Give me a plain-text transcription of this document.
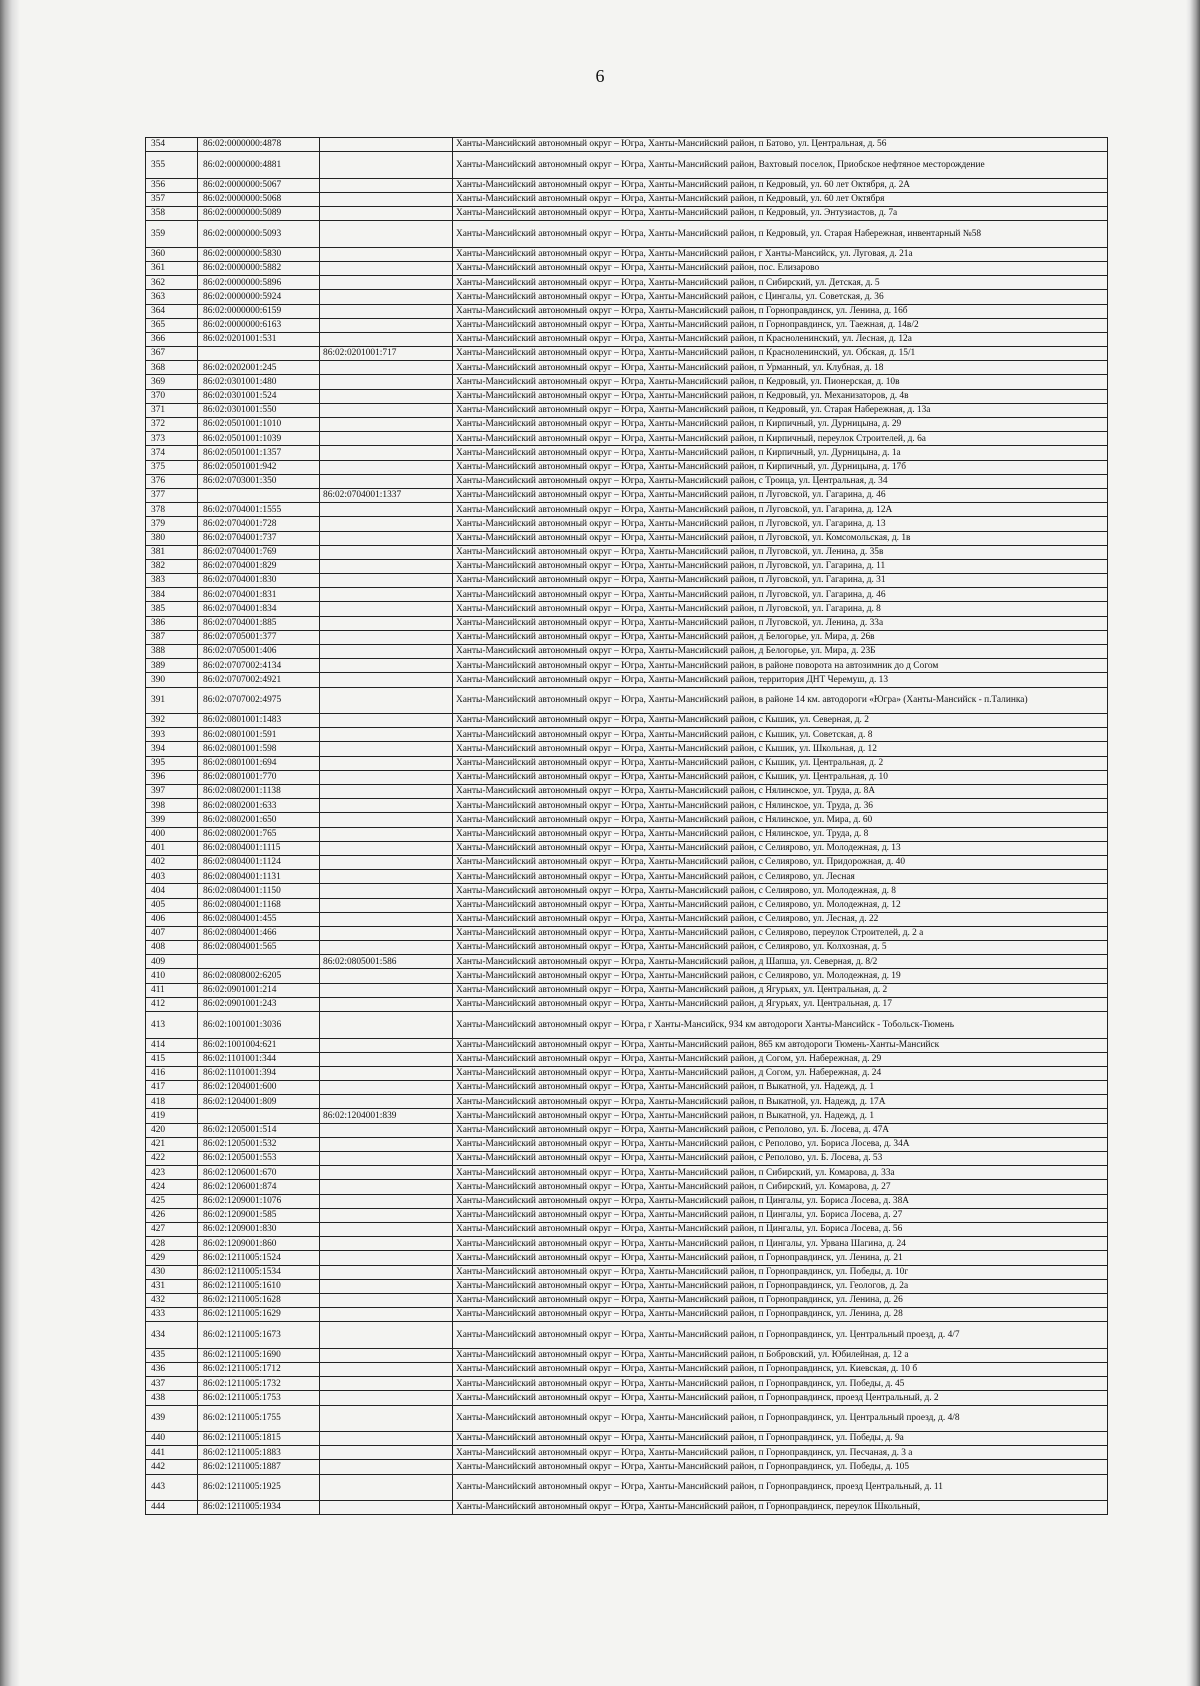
6
354	86:02:0000000:4878		Ханты-Мансийский автономный округ – Югра, Ханты-Мансийский район, п Батово, ул. Центральная, д. 56
355	86:02:0000000:4881		Ханты-Мансийский автономный округ – Югра, Ханты-Мансийский район, Вахтовый поселок, Приобское нефтяное месторождение
356	86:02:0000000:5067		Ханты-Мансийский автономный округ – Югра, Ханты-Мансийский район, п Кедровый, ул. 60 лет Октября, д. 2А
357	86:02:0000000:5068		Ханты-Мансийский автономный округ – Югра, Ханты-Мансийский район, п Кедровый, ул. 60 лет Октября
358	86:02:0000000:5089		Ханты-Мансийский автономный округ – Югра, Ханты-Мансийский район, п Кедровый, ул. Энтузиастов, д. 7а
359	86:02:0000000:5093		Ханты-Мансийский автономный округ – Югра, Ханты-Мансийский район, п Кедровый, ул. Старая Набережная, инвентарный №58
360	86:02:0000000:5830		Ханты-Мансийский автономный округ – Югра, Ханты-Мансийский район, г Ханты-Мансийск, ул. Луговая, д. 21а
361	86:02:0000000:5882		Ханты-Мансийский автономный округ – Югра, Ханты-Мансийский район, пос. Елизарово
362	86:02:0000000:5896		Ханты-Мансийский автономный округ – Югра, Ханты-Мансийский район, п Сибирский, ул. Детская, д. 5
363	86:02:0000000:5924		Ханты-Мансийский автономный округ – Югра, Ханты-Мансийский район, с Цингалы, ул. Советская, д. 36
364	86:02:0000000:6159		Ханты-Мансийский автономный округ – Югра, Ханты-Мансийский район, п Горноправдинск, ул. Ленина, д. 16б
365	86:02:0000000:6163		Ханты-Мансийский автономный округ – Югра, Ханты-Мансийский район, п Горноправдинск, ул. Таежная, д. 14в/2
366	86:02:0201001:531		Ханты-Мансийский автономный округ – Югра, Ханты-Мансийский район, п Красноленинский, ул. Лесная, д. 12а
367		86:02:0201001:717	Ханты-Мансийский автономный округ – Югра, Ханты-Мансийский район, п Красноленинский, ул. Обская, д. 15/1
368	86:02:0202001:245		Ханты-Мансийский автономный округ – Югра, Ханты-Мансийский район, п Урманный, ул. Клубная, д. 18
369	86:02:0301001:480		Ханты-Мансийский автономный округ – Югра, Ханты-Мансийский район, п Кедровый, ул. Пионерская, д. 10в
370	86:02:0301001:524		Ханты-Мансийский автономный округ – Югра, Ханты-Мансийский район, п Кедровый, ул. Механизаторов, д. 4в
371	86:02:0301001:550		Ханты-Мансийский автономный округ – Югра, Ханты-Мансийский район, п Кедровый, ул. Старая Набережная, д. 13а
372	86:02:0501001:1010		Ханты-Мансийский автономный округ – Югра, Ханты-Мансийский район, п Кирпичный, ул. Дурницына, д. 29
373	86:02:0501001:1039		Ханты-Мансийский автономный округ – Югра, Ханты-Мансийский район, п Кирпичный, переулок Строителей, д. 6а
374	86:02:0501001:1357		Ханты-Мансийский автономный округ – Югра, Ханты-Мансийский район, п Кирпичный, ул. Дурницына, д. 1а
375	86:02:0501001:942		Ханты-Мансийский автономный округ – Югра, Ханты-Мансийский район, п Кирпичный, ул. Дурницына, д. 17б
376	86:02:0703001:350		Ханты-Мансийский автономный округ – Югра, Ханты-Мансийский район, с Троица, ул. Центральная, д. 34
377		86:02:0704001:1337	Ханты-Мансийский автономный округ – Югра, Ханты-Мансийский район, п Луговской, ул. Гагарина, д. 46
378	86:02:0704001:1555		Ханты-Мансийский автономный округ – Югра, Ханты-Мансийский район, п Луговской, ул. Гагарина, д. 12А
379	86:02:0704001:728		Ханты-Мансийский автономный округ – Югра, Ханты-Мансийский район, п Луговской, ул. Гагарина, д. 13
380	86:02:0704001:737		Ханты-Мансийский автономный округ – Югра, Ханты-Мансийский район, п Луговской, ул. Комсомольская, д. 1в
381	86:02:0704001:769		Ханты-Мансийский автономный округ – Югра, Ханты-Мансийский район, п Луговской, ул. Ленина, д. 35в
382	86:02:0704001:829		Ханты-Мансийский автономный округ – Югра, Ханты-Мансийский район, п Луговской, ул. Гагарина, д. 11
383	86:02:0704001:830		Ханты-Мансийский автономный округ – Югра, Ханты-Мансийский район, п Луговской, ул. Гагарина, д. 31
384	86:02:0704001:831		Ханты-Мансийский автономный округ – Югра, Ханты-Мансийский район, п Луговской, ул. Гагарина, д. 46
385	86:02:0704001:834		Ханты-Мансийский автономный округ – Югра, Ханты-Мансийский район, п Луговской, ул. Гагарина, д. 8
386	86:02:0704001:885		Ханты-Мансийский автономный округ – Югра, Ханты-Мансийский район, п Луговской, ул. Ленина, д. 33а
387	86:02:0705001:377		Ханты-Мансийский автономный округ – Югра, Ханты-Мансийский район, д Белогорье, ул. Мира, д. 26в
388	86:02:0705001:406		Ханты-Мансийский автономный округ – Югра, Ханты-Мансийский район, д Белогорье, ул. Мира, д. 23Б
389	86:02:0707002:4134		Ханты-Мансийский автономный округ – Югра, Ханты-Мансийский район, в районе поворота на автозимник до д Согом
390	86:02:0707002:4921		Ханты-Мансийский автономный округ – Югра, Ханты-Мансийский район, территория ДНТ Черемуш, д. 13
391	86:02:0707002:4975		Ханты-Мансийский автономный округ – Югра, Ханты-Мансийский район, в районе 14 км. автодороги «Югра» (Ханты-Мансийск - п.Талинка)
392	86:02:0801001:1483		Ханты-Мансийский автономный округ – Югра, Ханты-Мансийский район, с Кышик, ул. Северная, д. 2
393	86:02:0801001:591		Ханты-Мансийский автономный округ – Югра, Ханты-Мансийский район, с Кышик, ул. Советская, д. 8
394	86:02:0801001:598		Ханты-Мансийский автономный округ – Югра, Ханты-Мансийский район, с Кышик, ул. Школьная, д. 12
395	86:02:0801001:694		Ханты-Мансийский автономный округ – Югра, Ханты-Мансийский район, с Кышик, ул. Центральная, д. 2
396	86:02:0801001:770		Ханты-Мансийский автономный округ – Югра, Ханты-Мансийский район, с Кышик, ул. Центральная, д. 10
397	86:02:0802001:1138		Ханты-Мансийский автономный округ – Югра, Ханты-Мансийский район, с Нялинское, ул. Труда, д. 8А
398	86:02:0802001:633		Ханты-Мансийский автономный округ – Югра, Ханты-Мансийский район, с Нялинское, ул. Труда, д. 36
399	86:02:0802001:650		Ханты-Мансийский автономный округ – Югра, Ханты-Мансийский район, с Нялинское, ул. Мира, д. 60
400	86:02:0802001:765		Ханты-Мансийский автономный округ – Югра, Ханты-Мансийский район, с Нялинское, ул. Труда, д. 8
401	86:02:0804001:1115		Ханты-Мансийский автономный округ – Югра, Ханты-Мансийский район, с Селиярово, ул. Молодежная, д. 13
402	86:02:0804001:1124		Ханты-Мансийский автономный округ – Югра, Ханты-Мансийский район, с Селиярово, ул. Придорожная, д. 40
403	86:02:0804001:1131		Ханты-Мансийский автономный округ – Югра, Ханты-Мансийский район, с Селиярово, ул. Лесная
404	86:02:0804001:1150		Ханты-Мансийский автономный округ – Югра, Ханты-Мансийский район, с Селиярово, ул. Молодежная, д. 8
405	86:02:0804001:1168		Ханты-Мансийский автономный округ – Югра, Ханты-Мансийский район, с Селиярово, ул. Молодежная, д. 12
406	86:02:0804001:455		Ханты-Мансийский автономный округ – Югра, Ханты-Мансийский район, с Селиярово, ул. Лесная, д. 22
407	86:02:0804001:466		Ханты-Мансийский автономный округ – Югра, Ханты-Мансийский район, с Селиярово, переулок Строителей, д. 2 а
408	86:02:0804001:565		Ханты-Мансийский автономный округ – Югра, Ханты-Мансийский район, с Селиярово, ул. Колхозная, д. 5
409		86:02:0805001:586	Ханты-Мансийский автономный округ – Югра, Ханты-Мансийский район, д Шапша, ул. Северная, д. 8/2
410	86:02:0808002:6205		Ханты-Мансийский автономный округ – Югра, Ханты-Мансийский район, с Селиярово, ул. Молодежная, д. 19
411	86:02:0901001:214		Ханты-Мансийский автономный округ – Югра, Ханты-Мансийский район, д Ягурьях, ул. Центральная, д. 2
412	86:02:0901001:243		Ханты-Мансийский автономный округ – Югра, Ханты-Мансийский район, д Ягурьях, ул. Центральная, д. 17
413	86:02:1001001:3036		Ханты-Мансийский автономный округ – Югра, г Ханты-Мансийск, 934 км автодороги Ханты-Мансийск - Тобольск-Тюмень
414	86:02:1001004:621		Ханты-Мансийский автономный округ – Югра, Ханты-Мансийский район, 865 км автодороги Тюмень-Ханты-Мансийск
415	86:02:1101001:344		Ханты-Мансийский автономный округ – Югра, Ханты-Мансийский район, д Согом, ул. Набережная, д. 29
416	86:02:1101001:394		Ханты-Мансийский автономный округ – Югра, Ханты-Мансийский район, д Согом, ул. Набережная, д. 24
417	86:02:1204001:600		Ханты-Мансийский автономный округ – Югра, Ханты-Мансийский район, п Выкатной, ул. Надежд, д. 1
418	86:02:1204001:809		Ханты-Мансийский автономный округ – Югра, Ханты-Мансийский район, п Выкатной, ул. Надежд, д. 17А
419		86:02:1204001:839	Ханты-Мансийский автономный округ – Югра, Ханты-Мансийский район, п Выкатной, ул. Надежд, д. 1
420	86:02:1205001:514		Ханты-Мансийский автономный округ – Югра, Ханты-Мансийский район, с Реполово, ул. Б. Лосева, д. 47А
421	86:02:1205001:532		Ханты-Мансийский автономный округ – Югра, Ханты-Мансийский район, с Реполово, ул. Бориса Лосева, д. 34А
422	86:02:1205001:553		Ханты-Мансийский автономный округ – Югра, Ханты-Мансийский район, с Реполово, ул. Б. Лосева, д. 53
423	86:02:1206001:670		Ханты-Мансийский автономный округ – Югра, Ханты-Мансийский район, п Сибирский, ул. Комарова, д. 33а
424	86:02:1206001:874		Ханты-Мансийский автономный округ – Югра, Ханты-Мансийский район, п Сибирский, ул. Комарова, д. 27
425	86:02:1209001:1076		Ханты-Мансийский автономный округ – Югра, Ханты-Мансийский район, п Цингалы, ул. Бориса Лосева, д. 38А
426	86:02:1209001:585		Ханты-Мансийский автономный округ – Югра, Ханты-Мансийский район, п Цингалы, ул. Бориса Лосева, д. 27
427	86:02:1209001:830		Ханты-Мансийский автономный округ – Югра, Ханты-Мансийский район, п Цингалы, ул. Бориса Лосева, д. 56
428	86:02:1209001:860		Ханты-Мансийский автономный округ – Югра, Ханты-Мансийский район, п Цингалы, ул. Урвана Шагина, д. 24
429	86:02:1211005:1524		Ханты-Мансийский автономный округ – Югра, Ханты-Мансийский район, п Горноправдинск, ул. Ленина, д. 21
430	86:02:1211005:1534		Ханты-Мансийский автономный округ – Югра, Ханты-Мансийский район, п Горноправдинск, ул. Победы, д. 10г
431	86:02:1211005:1610		Ханты-Мансийский автономный округ – Югра, Ханты-Мансийский район, п Горноправдинск, ул. Геологов, д. 2а
432	86:02:1211005:1628		Ханты-Мансийский автономный округ – Югра, Ханты-Мансийский район, п Горноправдинск, ул. Ленина, д. 26
433	86:02:1211005:1629		Ханты-Мансийский автономный округ – Югра, Ханты-Мансийский район, п Горноправдинск, ул. Ленина, д. 28
434	86:02:1211005:1673		Ханты-Мансийский автономный округ – Югра, Ханты-Мансийский район, п Горноправдинск, ул. Центральный проезд, д. 4/7
435	86:02:1211005:1690		Ханты-Мансийский автономный округ – Югра, Ханты-Мансийский район, п Бобровский, ул. Юбилейная, д. 12 а
436	86:02:1211005:1712		Ханты-Мансийский автономный округ – Югра, Ханты-Мансийский район, п Горноправдинск, ул. Киевская, д. 10 б
437	86:02:1211005:1732		Ханты-Мансийский автономный округ – Югра, Ханты-Мансийский район, п Горноправдинск, ул. Победы, д. 45
438	86:02:1211005:1753		Ханты-Мансийский автономный округ – Югра, Ханты-Мансийский район, п Горноправдинск, проезд Центральный, д. 2
439	86:02:1211005:1755		Ханты-Мансийский автономный округ – Югра, Ханты-Мансийский район, п Горноправдинск, ул. Центральный проезд, д. 4/8
440	86:02:1211005:1815		Ханты-Мансийский автономный округ – Югра, Ханты-Мансийский район, п Горноправдинск, ул. Победы, д. 9а
441	86:02:1211005:1883		Ханты-Мансийский автономный округ – Югра, Ханты-Мансийский район, п Горноправдинск, ул. Песчаная, д. 3 а
442	86:02:1211005:1887		Ханты-Мансийский автономный округ – Югра, Ханты-Мансийский район, п Горноправдинск, ул. Победы, д. 105
443	86:02:1211005:1925		Ханты-Мансийский автономный округ – Югра, Ханты-Мансийский район, п Горноправдинск, проезд Центральный, д. 11
444	86:02:1211005:1934		Ханты-Мансийский автономный округ – Югра, Ханты-Мансийский район, п Горноправдинск, переулок Школьный,
